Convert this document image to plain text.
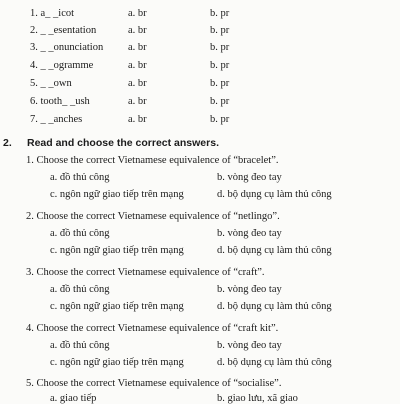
1. a_ _icot	a. br	b. pr
2. _ _esentation	a. br	b. pr
3. _ _onunciation a. br	b. pr
4. _ _ogramme	a. br	b. pr
5. _ _own	a. br	b. pr
6. tooth_ _ush	a. br	b. pr
7. _ _anches	a. br	b. pr
2. Read and choose the correct answers.
1. Choose the correct Vietnamese equivalence of “bracelet”.
a. đồ thủ công	b. vòng đeo tay
c. ngôn ngữ giao tiếp trên mạng	d. bộ dụng cụ làm thủ công
2. Choose the correct Vietnamese equivalence of “netlingo”.
a. đồ thủ công	b. vòng đeo tay
c. ngôn ngữ giao tiếp trên mạng	d. bộ dụng cụ làm thủ công
3. Choose the correct Vietnamese equivalence of “craft”.
a. đồ thủ công	b. vòng đeo tay
c. ngôn ngữ giao tiếp trên mạng	d. bộ dụng cụ làm thủ công
4. Choose the correct Vietnamese equivalence of “craft kit”.
a. đồ thủ công	b. vòng đeo tay
c. ngôn ngữ giao tiếp trên mạng	d. bộ dụng cụ làm thủ công
5. Choose the correct Vietnamese equivalence of “socialise”.
a. giao tiếp	b. giao lưu, xã giao
